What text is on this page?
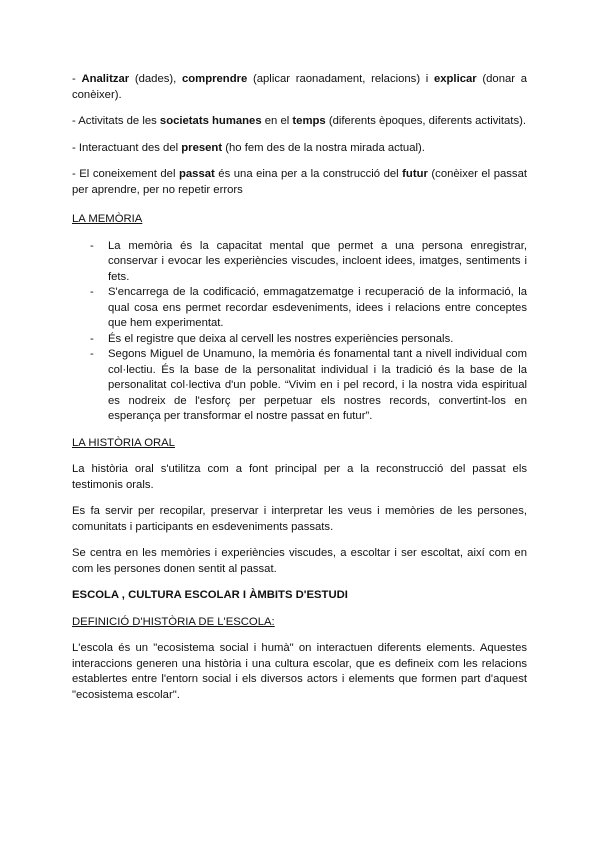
- Analitzar (dades), comprendre (aplicar raonadament, relacions) i explicar (donar a conèixer).

- Activitats de les societats humanes en el temps (diferents èpoques, diferents activitats).

- Interactuant des del present (ho fem des de la nostra mirada actual).

- El coneixement del passat és una eina per a la construcció del futur (conèixer el passat per aprendre, per no repetir errors

LA MEMÒRIA

- La memòria és la capacitat mental que permet a una persona enregistrar, conservar i evocar les experiències viscudes, incloent idees, imatges, sentiments i fets.
- S'encarrega de la codificació, emmagatzematge i recuperació de la informació, la qual cosa ens permet recordar esdeveniments, idees i relacions entre conceptes que hem experimentat.
- És el registre que deixa al cervell les nostres experiències personals.
- Segons Miguel de Unamuno, la memòria és fonamental tant a nivell individual com col·lectiu. És la base de la personalitat individual i la tradició és la base de la personalitat col·lectiva d'un poble. “Vivim en i pel record, i la nostra vida espiritual es nodreix de l'esforç per perpetuar els nostres records, convertint-los en esperança per transformar el nostre passat en futur”.

LA HISTÒRIA ORAL

La història oral s'utilitza com a font principal per a la reconstrucció del passat els testimonis orals.

Es fa servir per recopilar, preservar i interpretar les veus i memòries de les persones, comunitats i participants en esdeveniments passats.

Se centra en les memòries i experiències viscudes, a escoltar i ser escoltat, així com en com les persones donen sentit al passat.

ESCOLA , CULTURA ESCOLAR I ÀMBITS D'ESTUDI

DEFINICIÓ D'HISTÒRIA DE L'ESCOLA:

L'escola és un "ecosistema social i humà" on interactuen diferents elements. Aquestes interaccions generen una història i una cultura escolar, que es defineix com les relacions establertes entre l'entorn social i els diversos actors i elements que formen part d'aquest "ecosistema escolar".
